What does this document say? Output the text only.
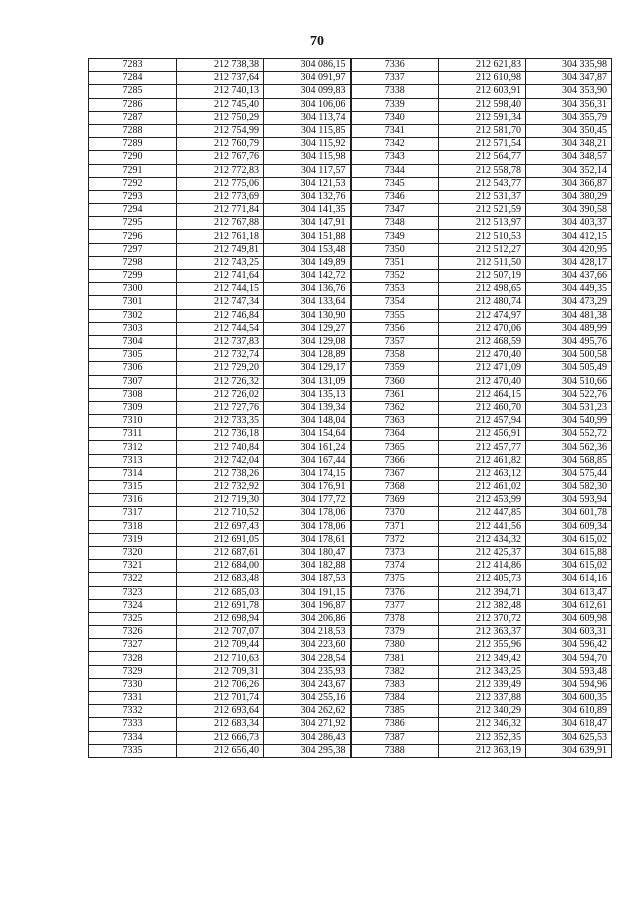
70
7283	212 738,38	304 086,15	7336	212 621,83	304 335,98
7284	212 737,64	304 091,97	7337	212 610,98	304 347,87
7285	212 740,13	304 099,83	7338	212 603,91	304 353,90
7286	212 745,40	304 106,06	7339	212 598,40	304 356,31
7287	212 750,29	304 113,74	7340	212 591,34	304 355,79
7288	212 754,99	304 115,85	7341	212 581,70	304 350,45
7289	212 760,79	304 115,92	7342	212 571,54	304 348,21
7290	212 767,76	304 115,98	7343	212 564,77	304 348,57
7291	212 772,83	304 117,57	7344	212 558,78	304 352,14
7292	212 775,06	304 121,53	7345	212 543,77	304 366,87
7293	212 773,69	304 132,76	7346	212 531,37	304 380,29
7294	212 771,84	304 141,35	7347	212 521,59	304 390,58
7295	212 767,88	304 147,91	7348	212 513,97	304 403,37
7296	212 761,18	304 151,88	7349	212 510,53	304 412,15
7297	212 749,81	304 153,48	7350	212 512,27	304 420,95
7298	212 743,25	304 149,89	7351	212 511,50	304 428,17
7299	212 741,64	304 142,72	7352	212 507,19	304 437,66
7300	212 744,15	304 136,76	7353	212 498,65	304 449,35
7301	212 747,34	304 133,64	7354	212 480,74	304 473,29
7302	212 746,84	304 130,90	7355	212 474,97	304 481,38
7303	212 744,54	304 129,27	7356	212 470,06	304 489,99
7304	212 737,83	304 129,08	7357	212 468,59	304 495,76
7305	212 732,74	304 128,89	7358	212 470,40	304 500,58
7306	212 729,20	304 129,17	7359	212 471,09	304 505,49
7307	212 726,32	304 131,09	7360	212 470,40	304 510,66
7308	212 726,02	304 135,13	7361	212 464,15	304 522,76
7309	212 727,76	304 139,34	7362	212 460,70	304 531,23
7310	212 733,35	304 148,04	7363	212 457,94	304 540,99
7311	212 736,18	304 154,64	7364	212 456,91	304 552,72
7312	212 740,84	304 161,24	7365	212 457,77	304 562,36
7313	212 742,04	304 167,44	7366	212 461,82	304 568,85
7314	212 738,26	304 174,15	7367	212 463,12	304 575,44
7315	212 732,92	304 176,91	7368	212 461,02	304 582,30
7316	212 719,30	304 177,72	7369	212 453,99	304 593,94
7317	212 710,52	304 178,06	7370	212 447,85	304 601,78
7318	212 697,43	304 178,06	7371	212 441,56	304 609,34
7319	212 691,05	304 178,61	7372	212 434,32	304 615,02
7320	212 687,61	304 180,47	7373	212 425,37	304 615,88
7321	212 684,00	304 182,88	7374	212 414,86	304 615,02
7322	212 683,48	304 187,53	7375	212 405,73	304 614,16
7323	212 685,03	304 191,15	7376	212 394,71	304 613,47
7324	212 691,78	304 196,87	7377	212 382,48	304 612,61
7325	212 698,94	304 206,86	7378	212 370,72	304 609,98
7326	212 707,07	304 218,53	7379	212 363,37	304 603,31
7327	212 709,44	304 223,60	7380	212 355,96	304 596,42
7328	212 710,63	304 228,54	7381	212 349,42	304 594,70
7329	212 709,31	304 235,93	7382	212 343,25	304 593,48
7330	212 706,26	304 243,67	7383	212 339,49	304 594,96
7331	212 701,74	304 255,16	7384	212 337,88	304 600,35
7332	212 693,64	304 262,62	7385	212 340,29	304 610,89
7333	212 683,34	304 271,92	7386	212 346,32	304 618,47
7334	212 666,73	304 286,43	7387	212 352,35	304 625,53
7335	212 656,40	304 295,38	7388	212 363,19	304 639,91
